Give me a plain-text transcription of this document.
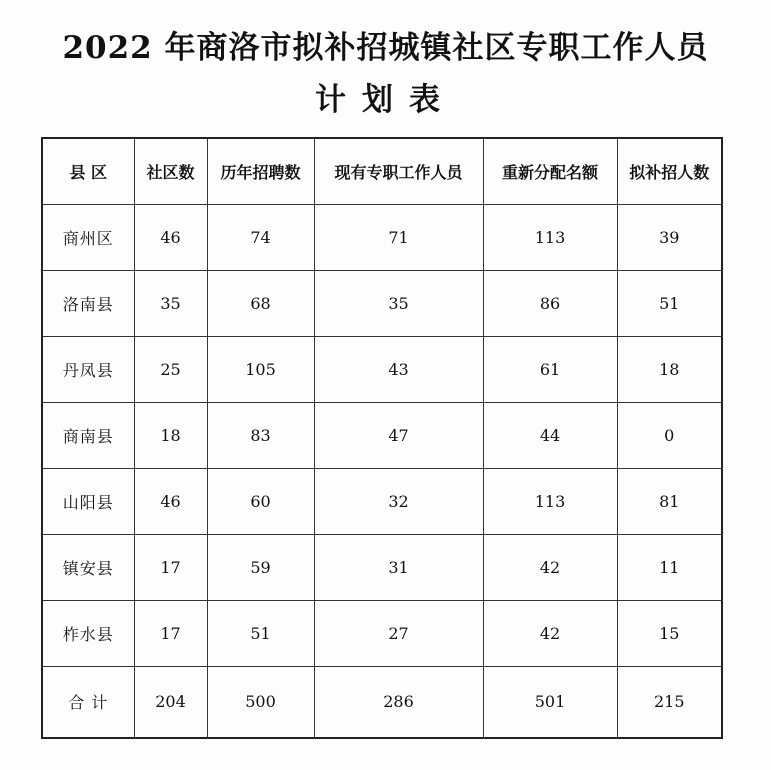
2022 年商洛市拟补招城镇社区专职工作人员
计划表
县 区	社区数	历年招聘数	现有专职工作人员	重新分配名额	拟补招人数
商州区	46	74	71	113	39
洛南县	35	68	35	86	51
丹凤县	25	105	43	61	18
商南县	18	83	47	44	0
山阳县	46	60	32	113	81
镇安县	17	59	31	42	11
柞水县	17	51	27	42	15
合 计	204	500	286	501	215
